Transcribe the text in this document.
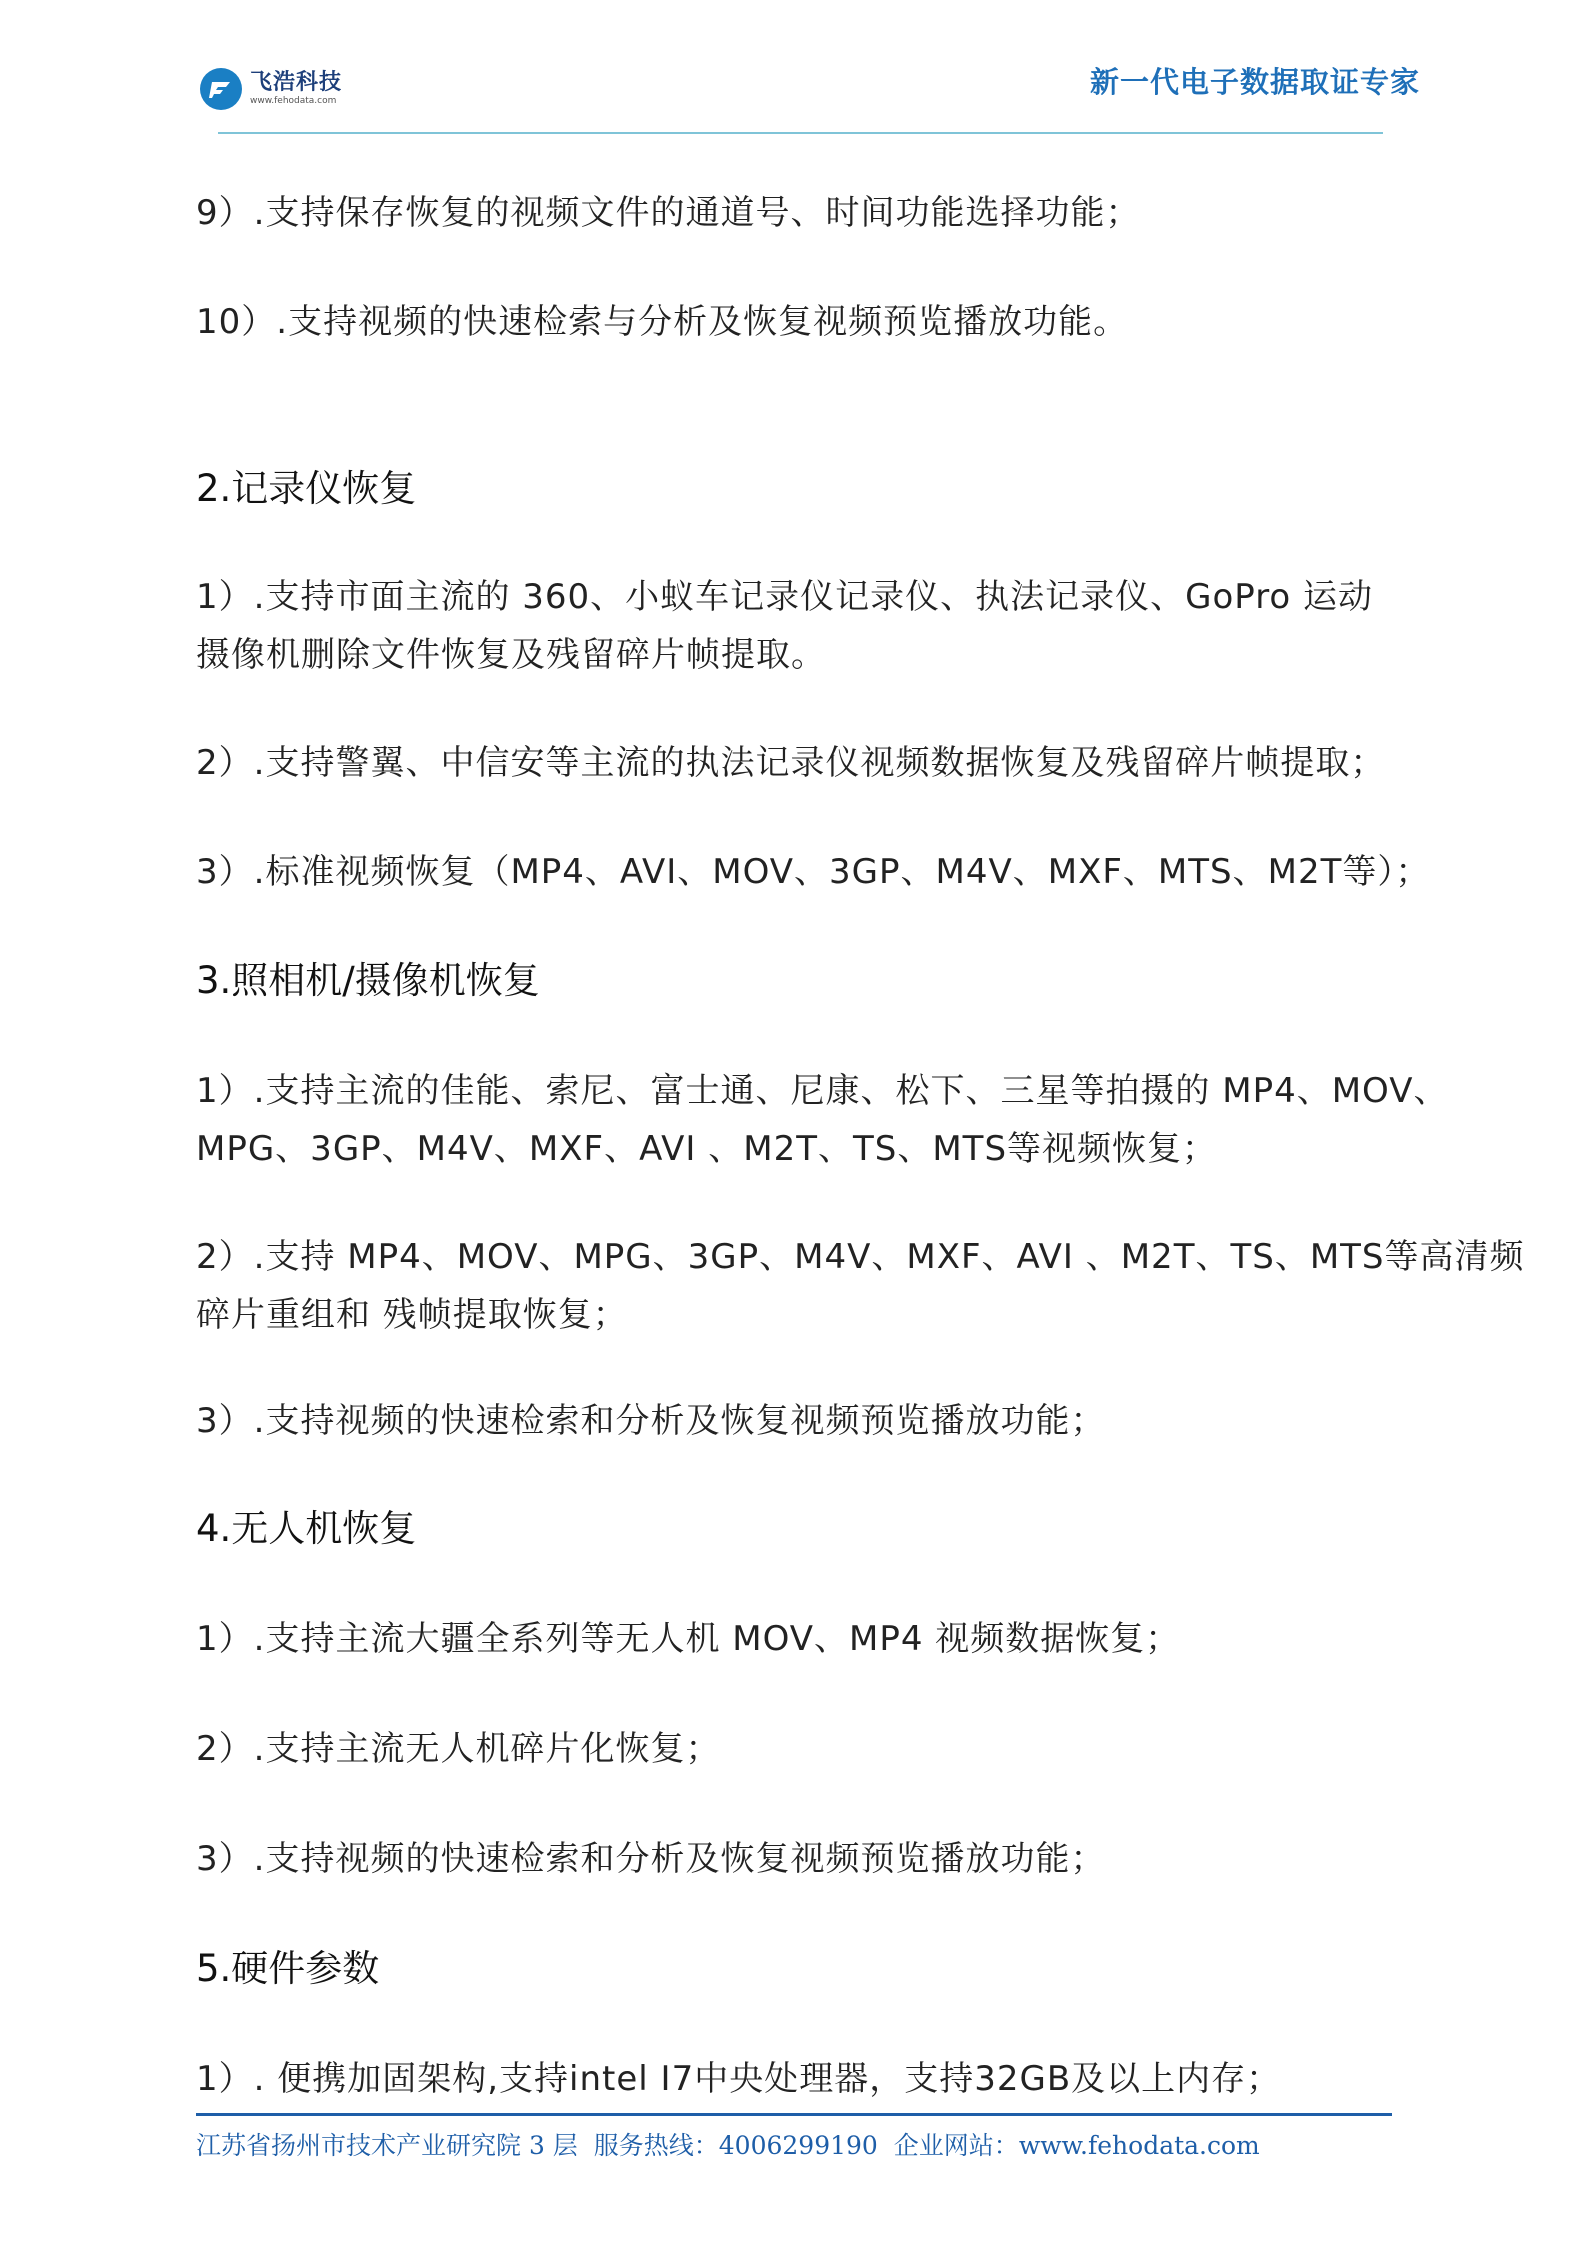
飞浩科技
www.fehodata.com
新一代电子数据取证专家
9）.支持保存恢复的视频文件的通道号、时间功能选择功能；
10）.支持视频的快速检索与分析及恢复视频预览播放功能。
2.记录仪恢复
1）.支持市面主流的 360、小蚁车记录仪记录仪、执法记录仪、GoPro 运动
摄像机删除文件恢复及残留碎片帧提取。
2）.支持警翼、中信安等主流的执法记录仪视频数据恢复及残留碎片帧提取；
3）.标准视频恢复（MP4、AVI、MOV、3GP、M4V、MXF、MTS、M2T等）；
3.照相机/摄像机恢复
1）.支持主流的佳能、索尼、富士通、尼康、松下、三星等拍摄的 MP4、MOV、
MPG、3GP、M4V、MXF、AVI 、M2T、TS、MTS等视频恢复；
2）.支持 MP4、MOV、MPG、3GP、M4V、MXF、AVI 、M2T、TS、MTS等高清频
碎片重组和 残帧提取恢复；
3）.支持视频的快速检索和分析及恢复视频预览播放功能；
4.无人机恢复
1）.支持主流大疆全系列等无人机 MOV、MP4 视频数据恢复；
2）.支持主流无人机碎片化恢复；
3）.支持视频的快速检索和分析及恢复视频预览播放功能；
5.硬件参数
1）. 便携加固架构,支持intel I7中央处理器，支持32GB及以上内存；
江苏省扬州市技术产业研究院 3 层 服务热线：4006299190 企业网站：www.fehodata.com
